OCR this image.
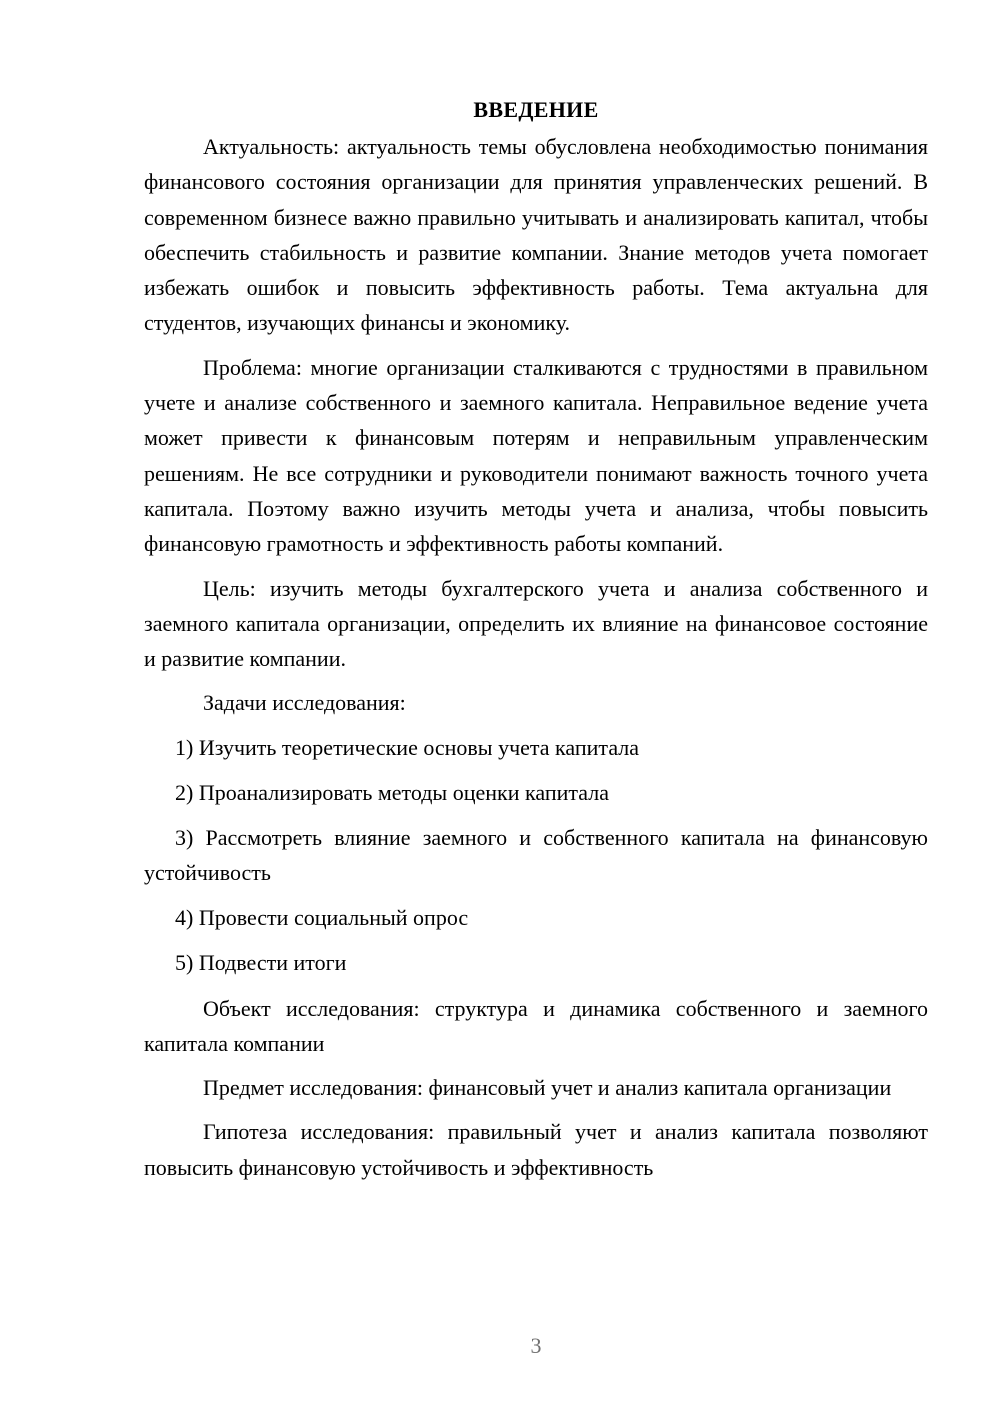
ВВЕДЕНИЕ

Актуальность: актуальность темы обусловлена необходимостью понимания финансового состояния организации для принятия управленческих решений. В современном бизнесе важно правильно учитывать и анализировать капитал, чтобы обеспечить стабильность и развитие компании. Знание методов учета помогает избежать ошибок и повысить эффективность работы. Тема актуальна для студентов, изучающих финансы и экономику.

Проблема: многие организации сталкиваются с трудностями в правильном учете и анализе собственного и заемного капитала. Неправильное ведение учета может привести к финансовым потерям и неправильным управленческим решениям. Не все сотрудники и руководители понимают важность точного учета капитала. Поэтому важно изучить методы учета и анализа, чтобы повысить финансовую грамотность и эффективность работы компаний.

Цель: изучить методы бухгалтерского учета и анализа собственного и заемного капитала организации, определить их влияние на финансовое состояние и развитие компании.

Задачи исследования:

1) Изучить теоретические основы учета капитала

2) Проанализировать методы оценки капитала

3) Рассмотреть влияние заемного и собственного капитала на финансовую устойчивость

4) Провести социальный опрос

5) Подвести итоги

Объект исследования: структура и динамика собственного и заемного капитала компании

Предмет исследования: финансовый учет и анализ капитала организации

Гипотеза исследования: правильный учет и анализ капитала позволяют повысить финансовую устойчивость и эффективность

3
